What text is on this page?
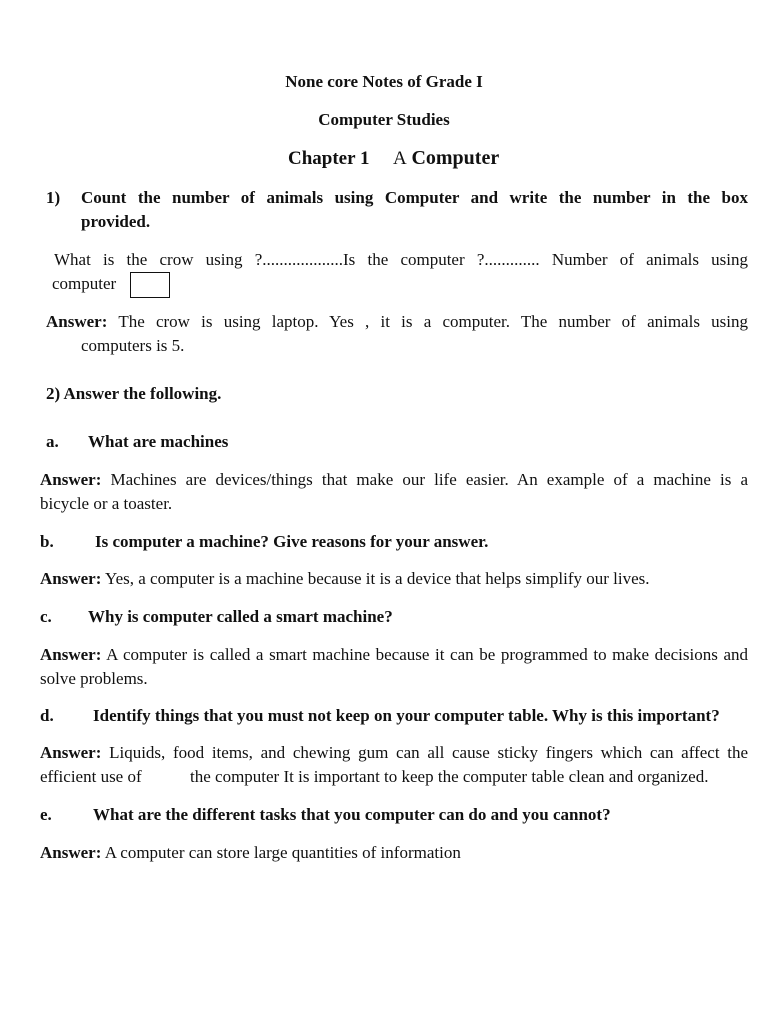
None core Notes of Grade I
Computer Studies
Chapter 1 A Computer
1) Count the number of animals using Computer and write the number in the box
provided.
What is the crow using ?...................Is the computer ?............. Number of animals using
computer
Answer: The crow is using laptop. Yes , it is a computer. The number of animals using
computers is 5.
2) Answer the following.
a. What are machines
Answer: Machines are devices/things that make our life easier. An example of a machine is a
bicycle or a toaster.
b. Is computer a machine? Give reasons for your answer.
Answer: Yes, a computer is a machine because it is a device that helps simplify our lives.
c. Why is computer called a smart machine?
Answer: A computer is called a smart machine because it can be programmed to make decisions and
solve problems.
d. Identify things that you must not keep on your computer table. Why is this important?
Answer: Liquids, food items, and chewing gum can all cause sticky fingers which can affect the
efficient use of	the computer It is important to keep the computer table clean and organized.
e. What are the different tasks that you computer can do and you cannot?
Answer: A computer can store large quantities of information
